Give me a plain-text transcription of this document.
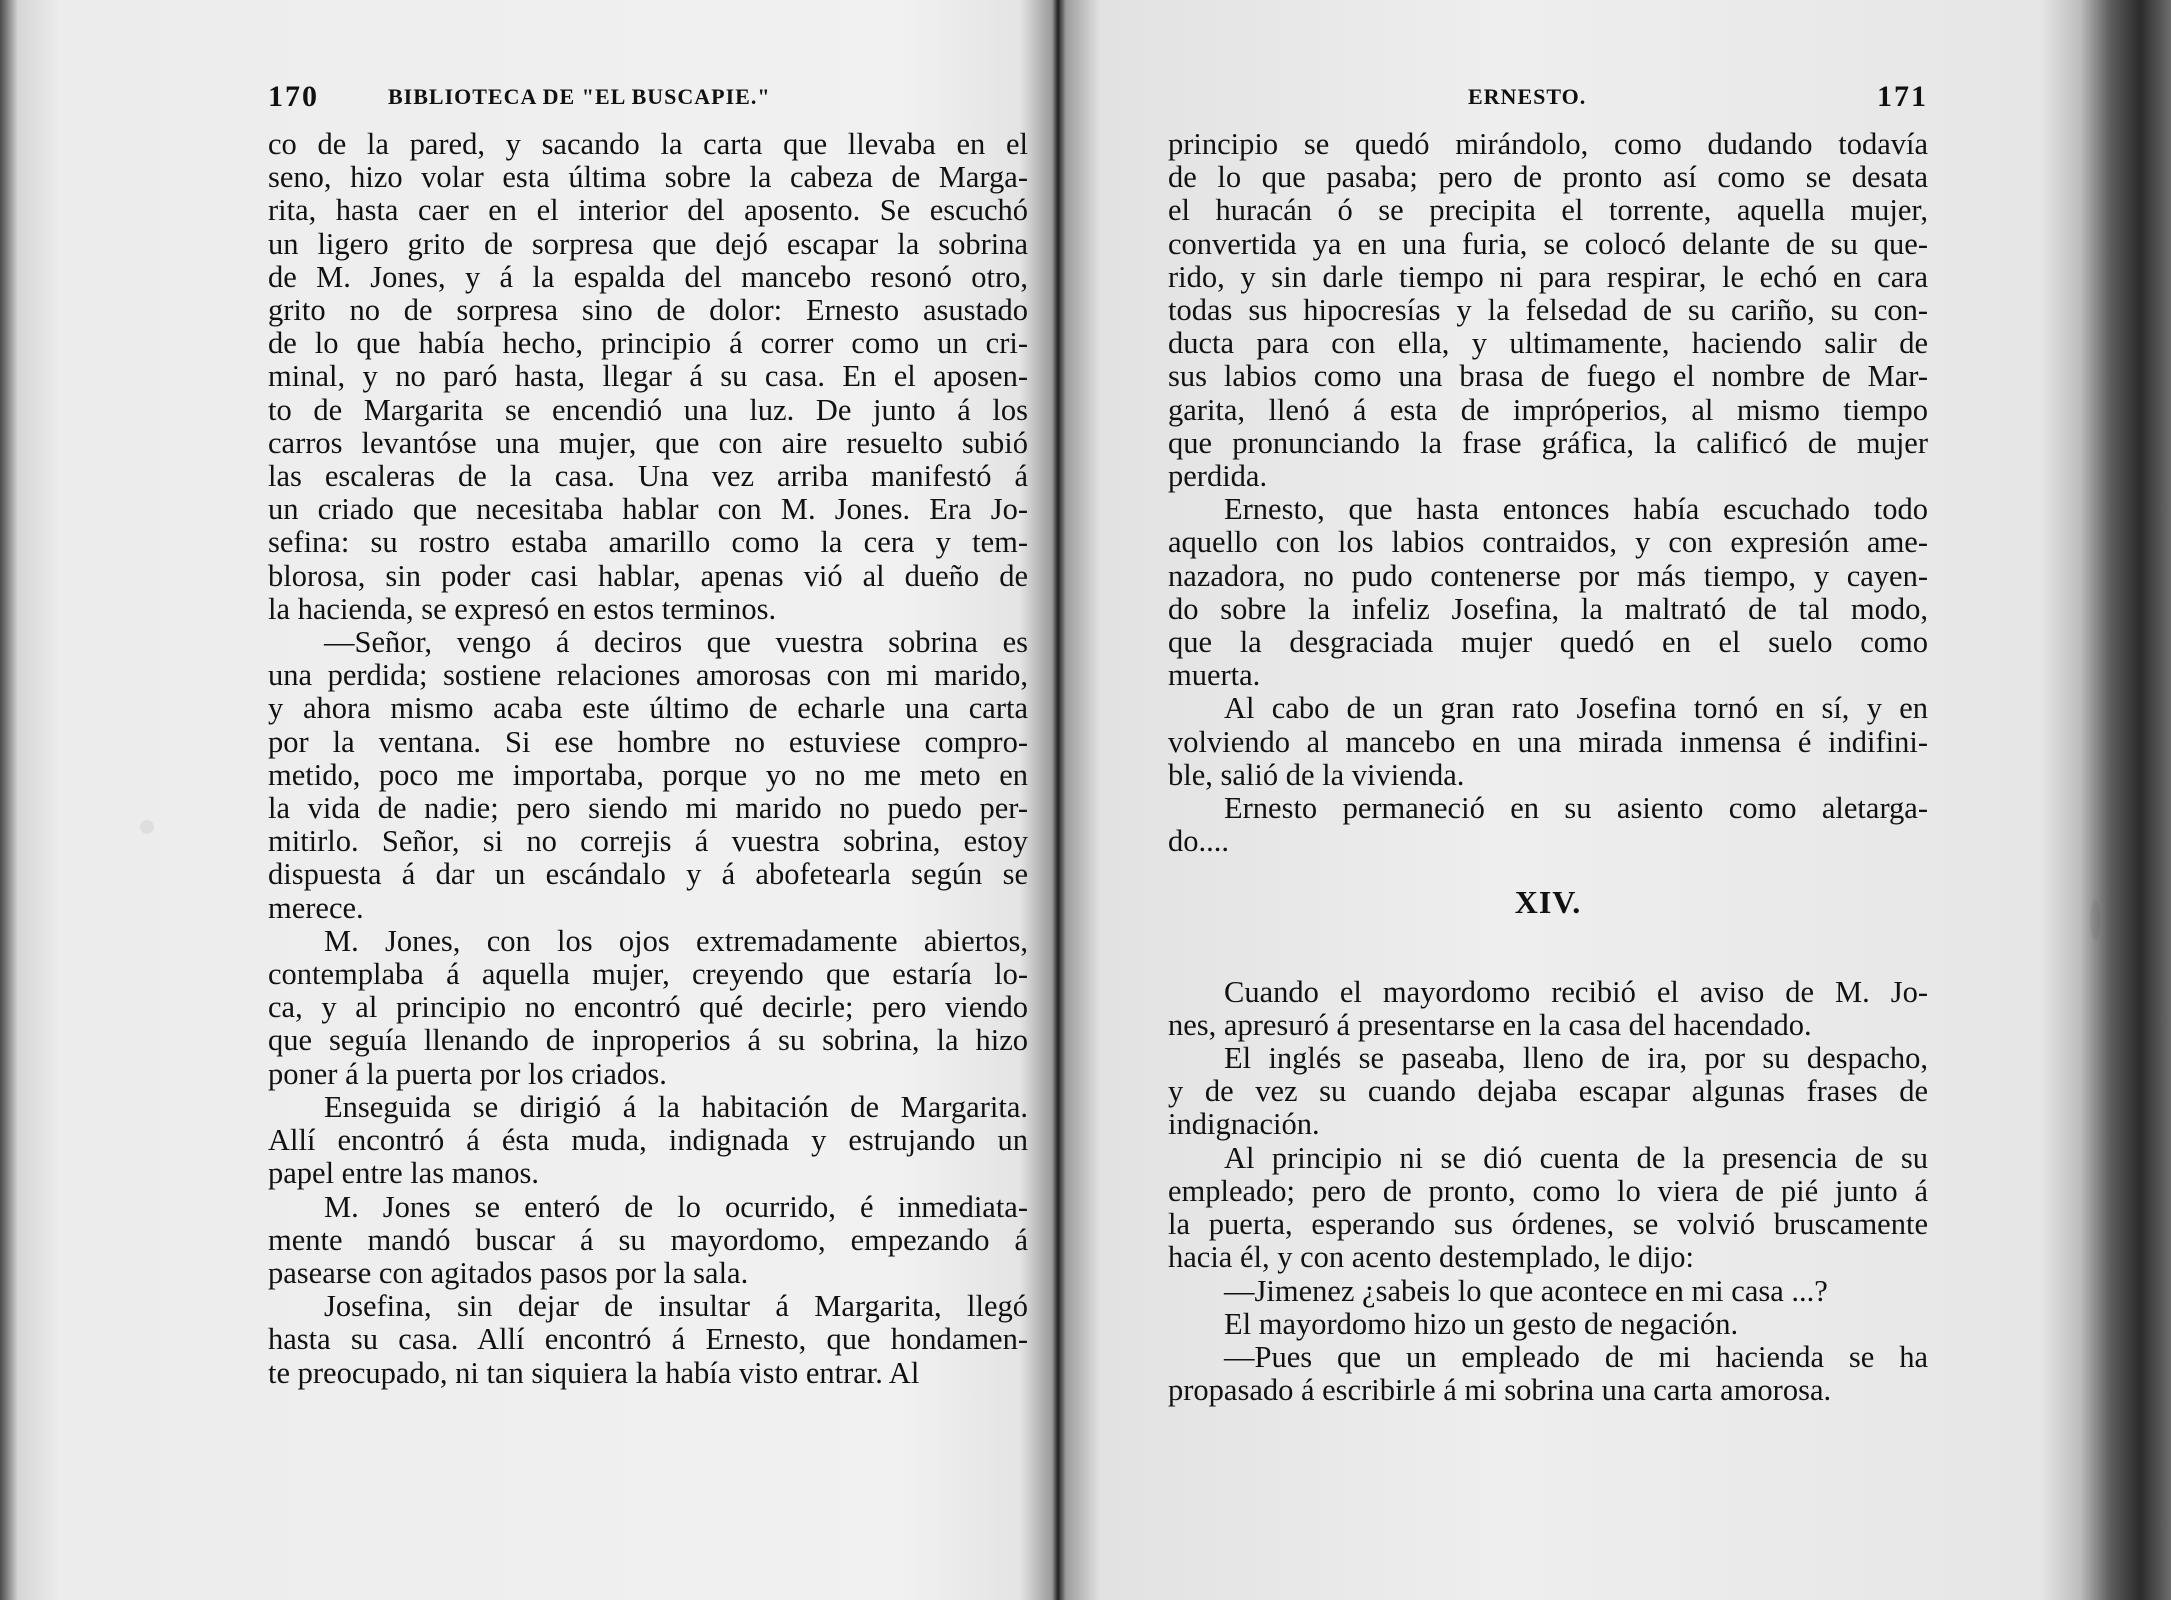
170	BIBLIOTECA DE "EL BUSCAPIE."

co de la pared, y sacando la carta que llevaba en el
seno, hizo volar esta última sobre la cabeza de Marga-
rita, hasta caer en el interior del aposento. Se escuchó
un ligero grito de sorpresa que dejó escapar la sobrina
de M. Jones, y á la espalda del mancebo resonó otro,
grito no de sorpresa sino de dolor: Ernesto asustado
de lo que había hecho, principio á correr como un cri-
minal, y no paró hasta, llegar á su casa. En el aposen-
to de Margarita se encendió una luz. De junto á los
carros levantóse una mujer, que con aire resuelto subió
las escaleras de la casa. Una vez arriba manifestó á
un criado que necesitaba hablar con M. Jones. Era Jo-
sefina: su rostro estaba amarillo como la cera y tem-
blorosa, sin poder casi hablar, apenas vió al dueño de
la hacienda, se expresó en estos terminos.

—Señor, vengo á deciros que vuestra sobrina es
una perdida; sostiene relaciones amorosas con mi marido,
y ahora mismo acaba este último de echarle una carta
por la ventana. Si ese hombre no estuviese compro-
metido, poco me importaba, porque yo no me meto en
la vida de nadie; pero siendo mi marido no puedo per-
mitirlo. Señor, si no correjis á vuestra sobrina, estoy
dispuesta á dar un escándalo y á abofetearla según se
merece.

M. Jones, con los ojos extremadamente abiertos,
contemplaba á aquella mujer, creyendo que estaría lo-
ca, y al principio no encontró qué decirle; pero viendo
que seguía llenando de inproperios á su sobrina, la hizo
poner á la puerta por los criados.

Enseguida se dirigió á la habitación de Margarita.
Allí encontró á ésta muda, indignada y estrujando un
papel entre las manos.

M. Jones se enteró de lo ocurrido, é inmediata-
mente mandó buscar á su mayordomo, empezando á
pasearse con agitados pasos por la sala.

Josefina, sin dejar de insultar á Margarita, llegó
hasta su casa. Allí encontró á Ernesto, que hondamen-
te preocupado, ni tan siquiera la había visto entrar. Al

ERNESTO.	171

principio se quedó mirándolo, como dudando todavía
de lo que pasaba; pero de pronto así como se desata
el huracán ó se precipita el torrente, aquella mujer,
convertida ya en una furia, se colocó delante de su que-
rido, y sin darle tiempo ni para respirar, le echó en cara
todas sus hipocresías y la felsedad de su cariño, su con-
ducta para con ella, y ultimamente, haciendo salir de
sus labios como una brasa de fuego el nombre de Mar-
garita, llenó á esta de impróperios, al mismo tiempo
que pronunciando la frase gráfica, la calificó de mujer
perdida.

Ernesto, que hasta entonces había escuchado todo
aquello con los labios contraidos, y con expresión ame-
nazadora, no pudo contenerse por más tiempo, y cayen-
do sobre la infeliz Josefina, la maltrató de tal modo,
que la desgraciada mujer quedó en el suelo como
muerta.

Al cabo de un gran rato Josefina tornó en sí, y en
volviendo al mancebo en una mirada inmensa é indifini-
ble, salió de la vivienda.

Ernesto permaneció en su asiento como aletarga-
do....

XIV.

Cuando el mayordomo recibió el aviso de M. Jo-
nes, apresuró á presentarse en la casa del hacendado.

El inglés se paseaba, lleno de ira, por su despacho,
y de vez su cuando dejaba escapar algunas frases de
indignación.

Al principio ni se dió cuenta de la presencia de su
empleado; pero de pronto, como lo viera de pié junto á
la puerta, esperando sus órdenes, se volvió bruscamente
hacia él, y con acento destemplado, le dijo:

—Jimenez ¿sabeis lo que acontece en mi casa ...?

El mayordomo hizo un gesto de negación.

—Pues que un empleado de mi hacienda se ha
propasado á escribirle á mi sobrina una carta amorosa.
